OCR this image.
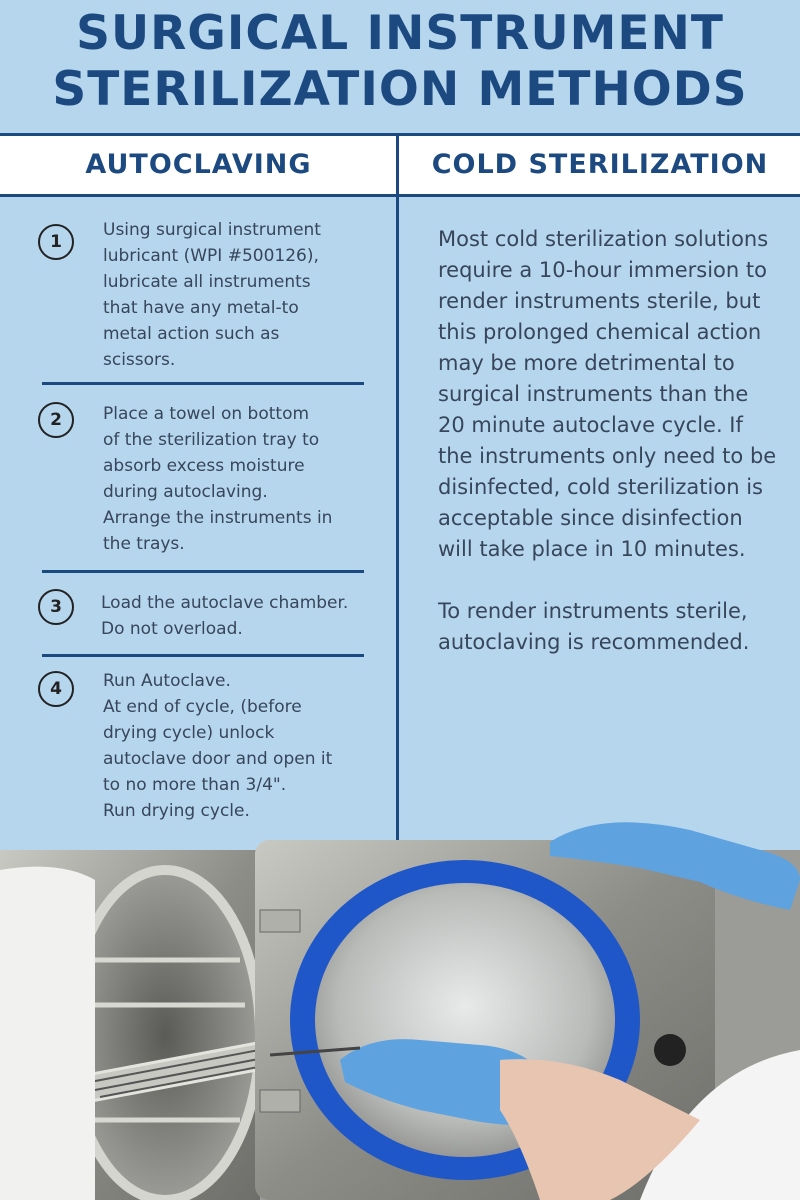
SURGICAL INSTRUMENT
STERILIZATION METHODS
AUTOCLAVING	COLD STERILIZATION
1
Using surgical instrument
lubricant (WPI #500126),
lubricate all instruments
that have any metal-to
metal action such as
scissors.
2	Place a towel on bottom
of the sterilization tray to
absorb excess moisture
during autoclaving.
Arrange the instruments in
the trays.
3	Load the autoclave chamber.
Do not overload.
4	Run Autoclave.
At end of cycle, (before
drying cycle) unlock
autoclave door and open it
to no more than 3/4".
Run drying cycle.

Most cold sterilization solutions require a 10-hour immersion to render instruments sterile, but this prolonged chemical action may be more detrimental to surgical instruments than the 20 minute autoclave cycle. If the instruments only need to be disinfected, cold sterilization is acceptable since disinfection will take place in 10 minutes.

To render instruments sterile, autoclaving is recommended.
